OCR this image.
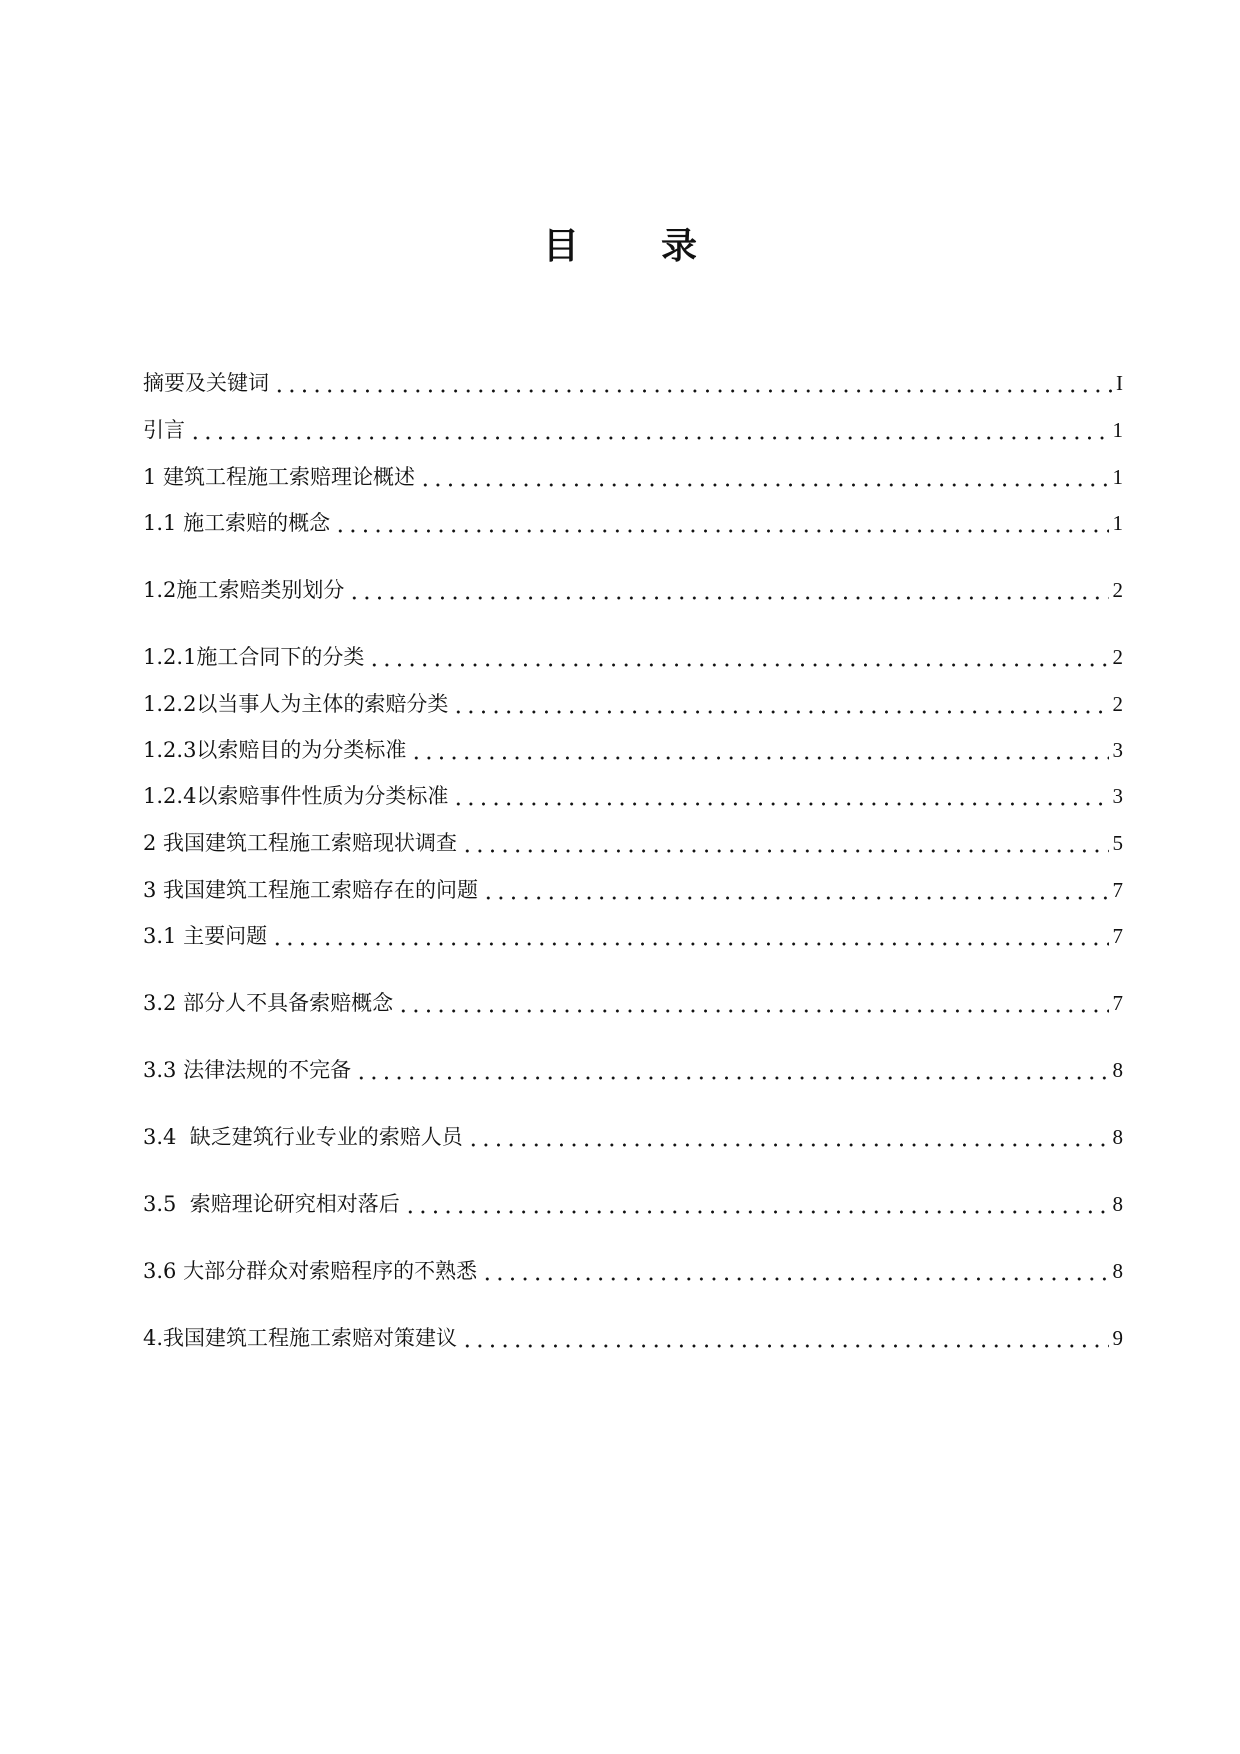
目 录
摘要及关键词	I
引言	1
1 建筑工程施工索赔理论概述	1
1.1 施工索赔的概念	1
1.2施工索赔类别划分	2
1.2.1施工合同下的分类	2
1.2.2以当事人为主体的索赔分类	2
1.2.3以索赔目的为分类标准	3
1.2.4以索赔事件性质为分类标准	3
2 我国建筑工程施工索赔现状调查	5
3 我国建筑工程施工索赔存在的问题	7
3.1 主要问题	7
3.2 部分人不具备索赔概念	7
3.3 法律法规的不完备	8
3.4  缺乏建筑行业专业的索赔人员	8
3.5  索赔理论研究相对落后	8
3.6 大部分群众对索赔程序的不熟悉	8
4.我国建筑工程施工索赔对策建议	9
